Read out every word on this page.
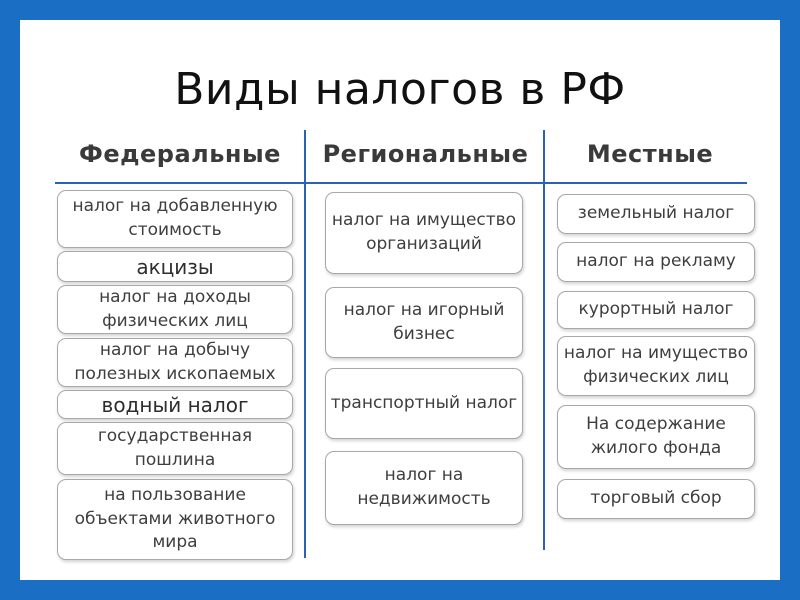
Виды налогов в РФ
Федеральные	Региональные	Местные
налог на добавленную стоимость
акцизы
налог на доходы физических лиц
налог на добычу полезных ископаемых
водный налог
государственная пошлина
на пользование объектами животного мира
налог на имущество организаций
налог на игорный бизнес
транспортный налог
налог на недвижимость
земельный налог
налог на рекламу
курортный налог
налог на имущество физических лиц
На содержание жилого фонда
торговый сбор
